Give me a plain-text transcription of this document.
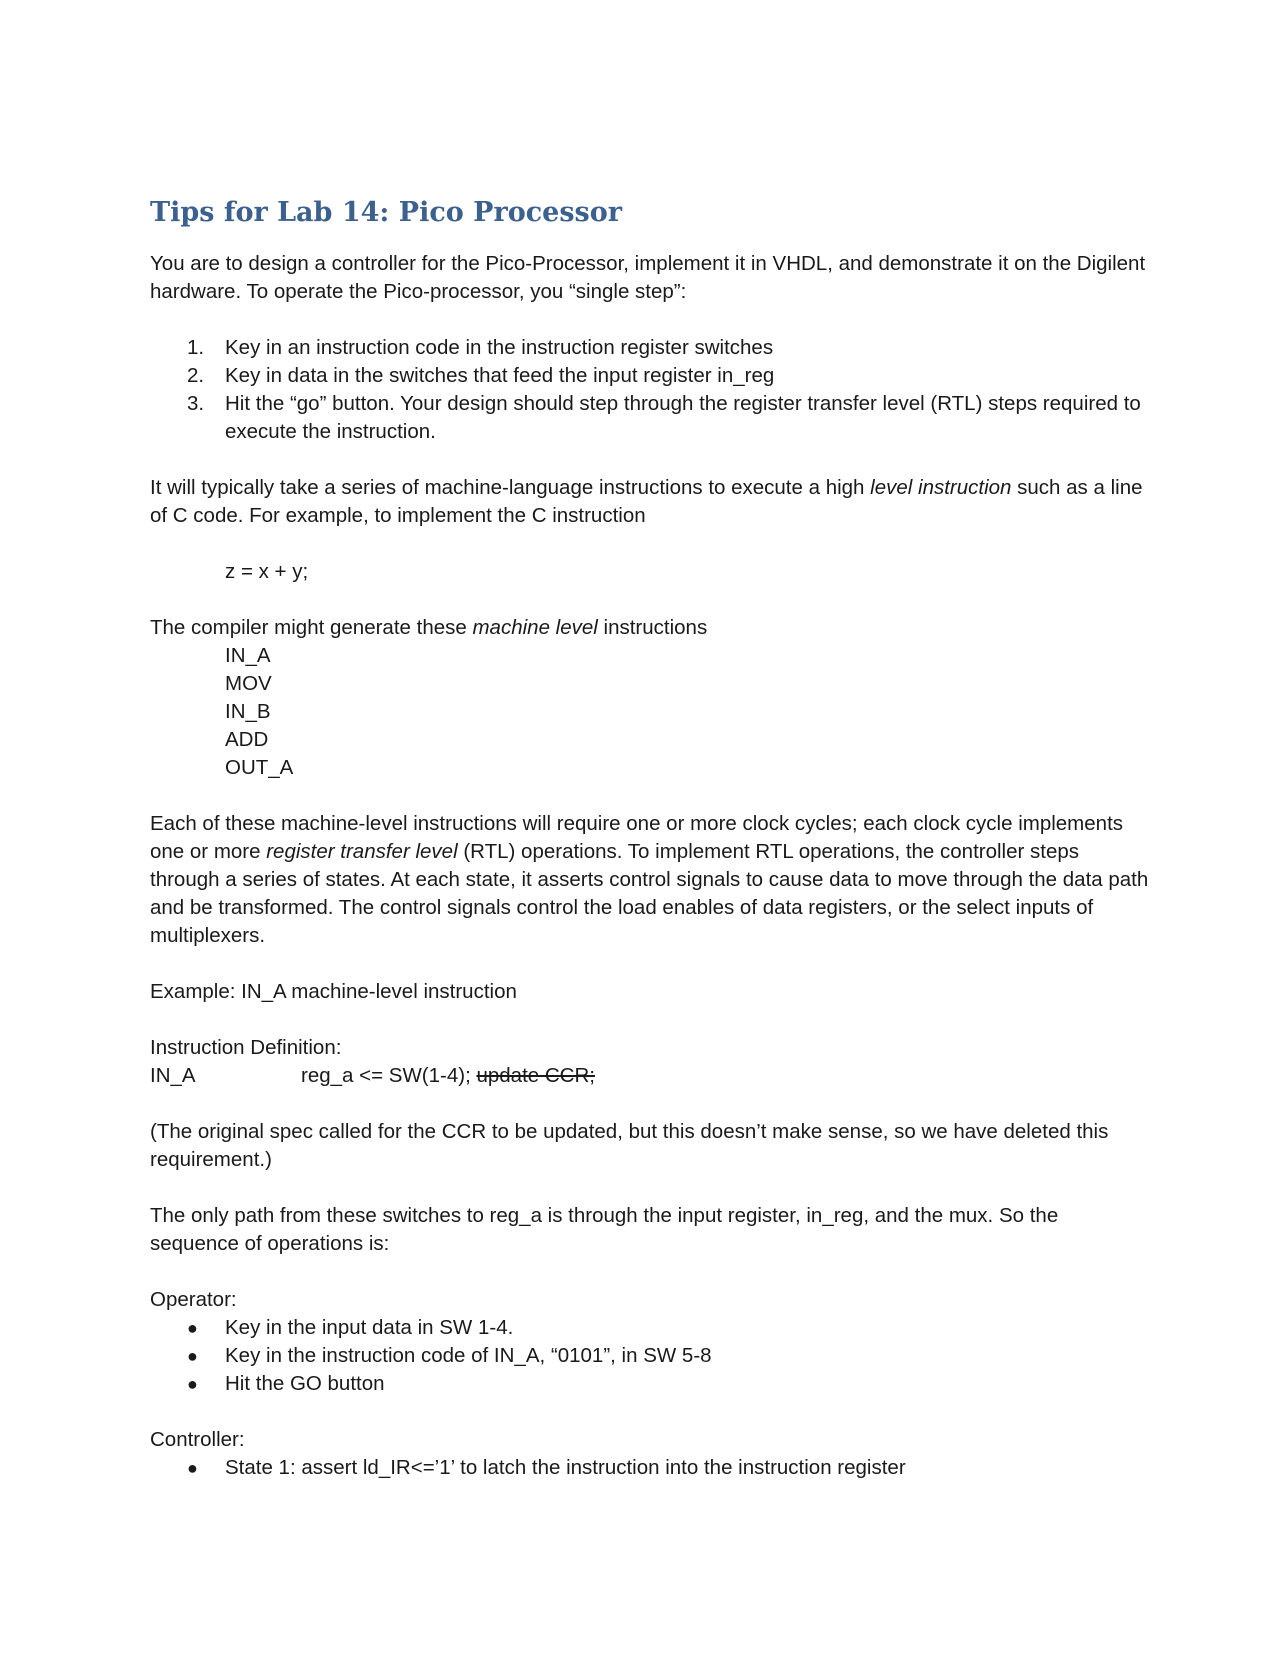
Tips for Lab 14: Pico Processor

You are to design a controller for the Pico-Processor, implement it in VHDL, and demonstrate it on the Digilent hardware. To operate the Pico-processor, you “single step”:

1. Key in an instruction code in the instruction register switches
2. Key in data in the switches that feed the input register in_reg
3. Hit the “go” button. Your design should step through the register transfer level (RTL) steps required to execute the instruction.

It will typically take a series of machine-language instructions to execute a high level instruction such as a line of C code. For example, to implement the C instruction

z = x + y;

The compiler might generate these machine level instructions

IN_A
MOV
IN_B
ADD
OUT_A

Each of these machine-level instructions will require one or more clock cycles; each clock cycle implements one or more register transfer level (RTL) operations. To implement RTL operations, the controller steps through a series of states. At each state, it asserts control signals to cause data to move through the data path and be transformed. The control signals control the load enables of data registers, or the select inputs of multiplexers.

Example: IN_A machine-level instruction

Instruction Definition:

IN_A	reg_a <= SW(1-4); update CCR;

(The original spec called for the CCR to be updated, but this doesn’t make sense, so we have deleted this requirement.)

The only path from these switches to reg_a is through the input register, in_reg, and the mux. So the sequence of operations is:

Operator:

● Key in the input data in SW 1-4.
● Key in the instruction code of IN_A, “0101”, in SW 5-8
● Hit the GO button

Controller:

● State 1: assert ld_IR<=’1’ to latch the instruction into the instruction register
